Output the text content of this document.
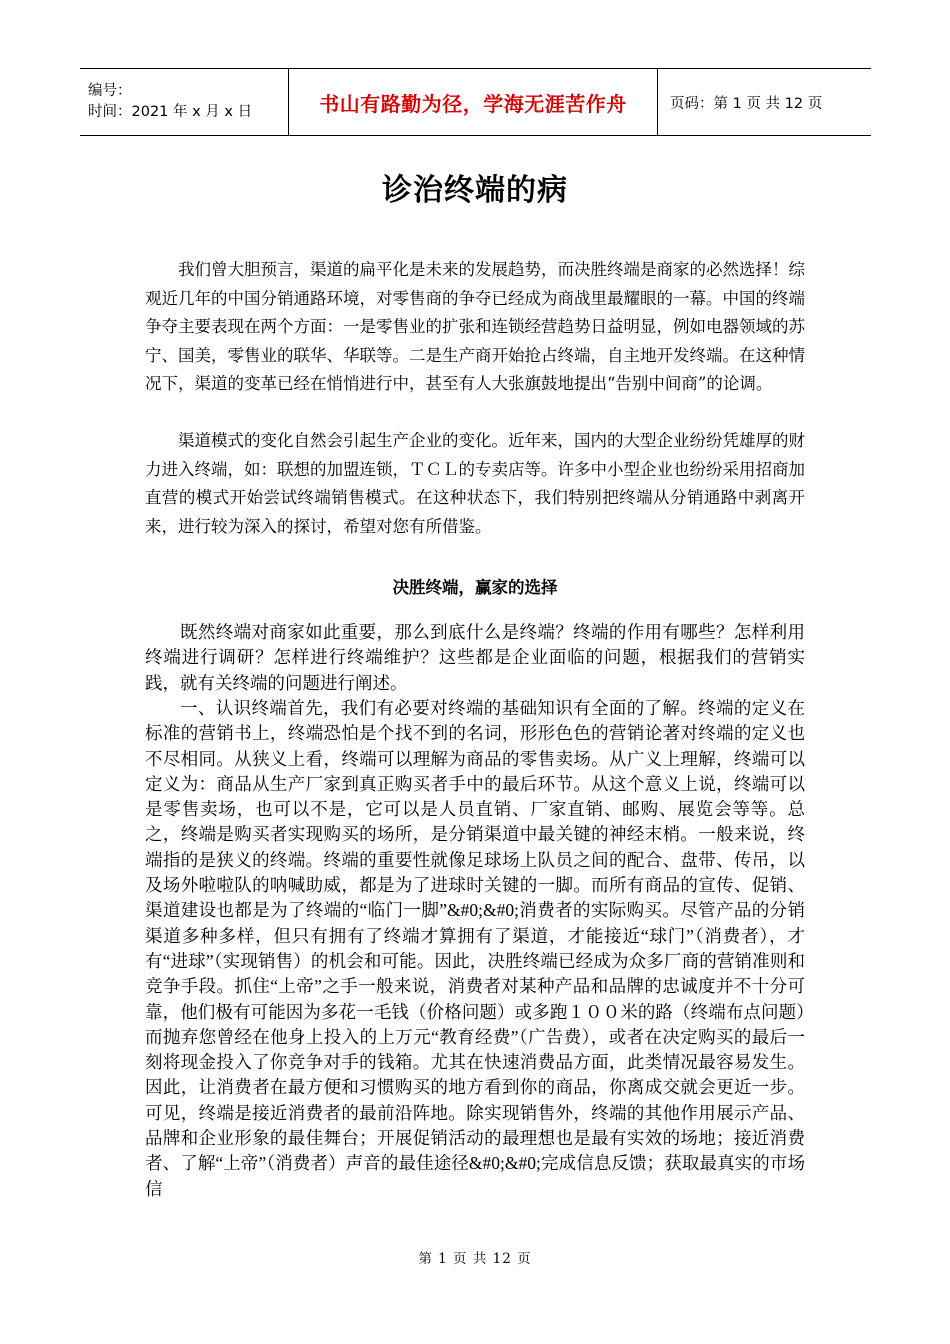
编号：
时间：2021 年 x 月 x 日	书山有路勤为径，学海无涯苦作舟	页码：第 1 页 共 12 页
诊治终端的病

我们曾大胆预言，渠道的扁平化是未来的发展趋势，而决胜终端是商家的必然选择！综观近几年的中国分销通路环境，对零售商的争夺已经成为商战里最耀眼的一幕。中国的终端争夺主要表现在两个方面：一是零售业的扩张和连锁经营趋势日益明显，例如电器领域的苏宁、国美，零售业的联华、华联等。二是生产商开始抢占终端，自主地开发终端。在这种情况下，渠道的变革已经在悄悄进行中，甚至有人大张旗鼓地提出“告别中间商”的论调。

渠道模式的变化自然会引起生产企业的变化。近年来，国内的大型企业纷纷凭雄厚的财力进入终端，如：联想的加盟连锁，ＴＣＬ的专卖店等。许多中小型企业也纷纷采用招商加直营的模式开始尝试终端销售模式。在这种状态下，我们特别把终端从分销通路中剥离开来，进行较为深入的探讨，希望对您有所借鉴。

决胜终端，赢家的选择

既然终端对商家如此重要，那么到底什么是终端？终端的作用有哪些？怎样利用终端进行调研？怎样进行终端维护？这些都是企业面临的问题，根据我们的营销实践，就有关终端的问题进行阐述。

一、认识终端首先，我们有必要对终端的基础知识有全面的了解。终端的定义在标准的营销书上，终端恐怕是个找不到的名词，形形色色的营销论著对终端的定义也不尽相同。从狭义上看，终端可以理解为商品的零售卖场。从广义上理解，终端可以定义为：商品从生产厂家到真正购买者手中的最后环节。从这个意义上说，终端可以是零售卖场，也可以不是，它可以是人员直销、厂家直销、邮购、展览会等等。总之，终端是购买者实现购买的场所，是分销渠道中最关键的神经末梢。一般来说，终端指的是狭义的终端。终端的重要性就像足球场上队员之间的配合、盘带、传吊，以及场外啦啦队的呐喊助威，都是为了进球时关键的一脚。而所有商品的宣传、促销、渠道建设也都是为了终端的“临门一脚”&#0;&#0;消费者的实际购买。尽管产品的分销渠道多种多样，但只有拥有了终端才算拥有了渠道，才能接近“球门”（消费者），才有“进球”（实现销售）的机会和可能。因此，决胜终端已经成为众多厂商的营销准则和竞争手段。抓住“上帝”之手一般来说，消费者对某种产品和品牌的忠诚度并不十分可靠，他们极有可能因为多花一毛钱（价格问题）或多跑１００米的路（终端布点问题）而抛弃您曾经在他身上投入的上万元“教育经费”（广告费），或者在决定购买的最后一刻将现金投入了你竞争对手的钱箱。尤其在快速消费品方面，此类情况最容易发生。因此，让消费者在最方便和习惯购买的地方看到你的商品，你离成交就会更近一步。可见，终端是接近消费者的最前沿阵地。除实现销售外，终端的其他作用展示产品、品牌和企业形象的最佳舞台；开展促销活动的最理想也是最有实效的场地；接近消费者、了解“上帝”（消费者）声音的最佳途径&#0;&#0;完成信息反馈；获取最真实的市场信

第 1 页 共 12 页
